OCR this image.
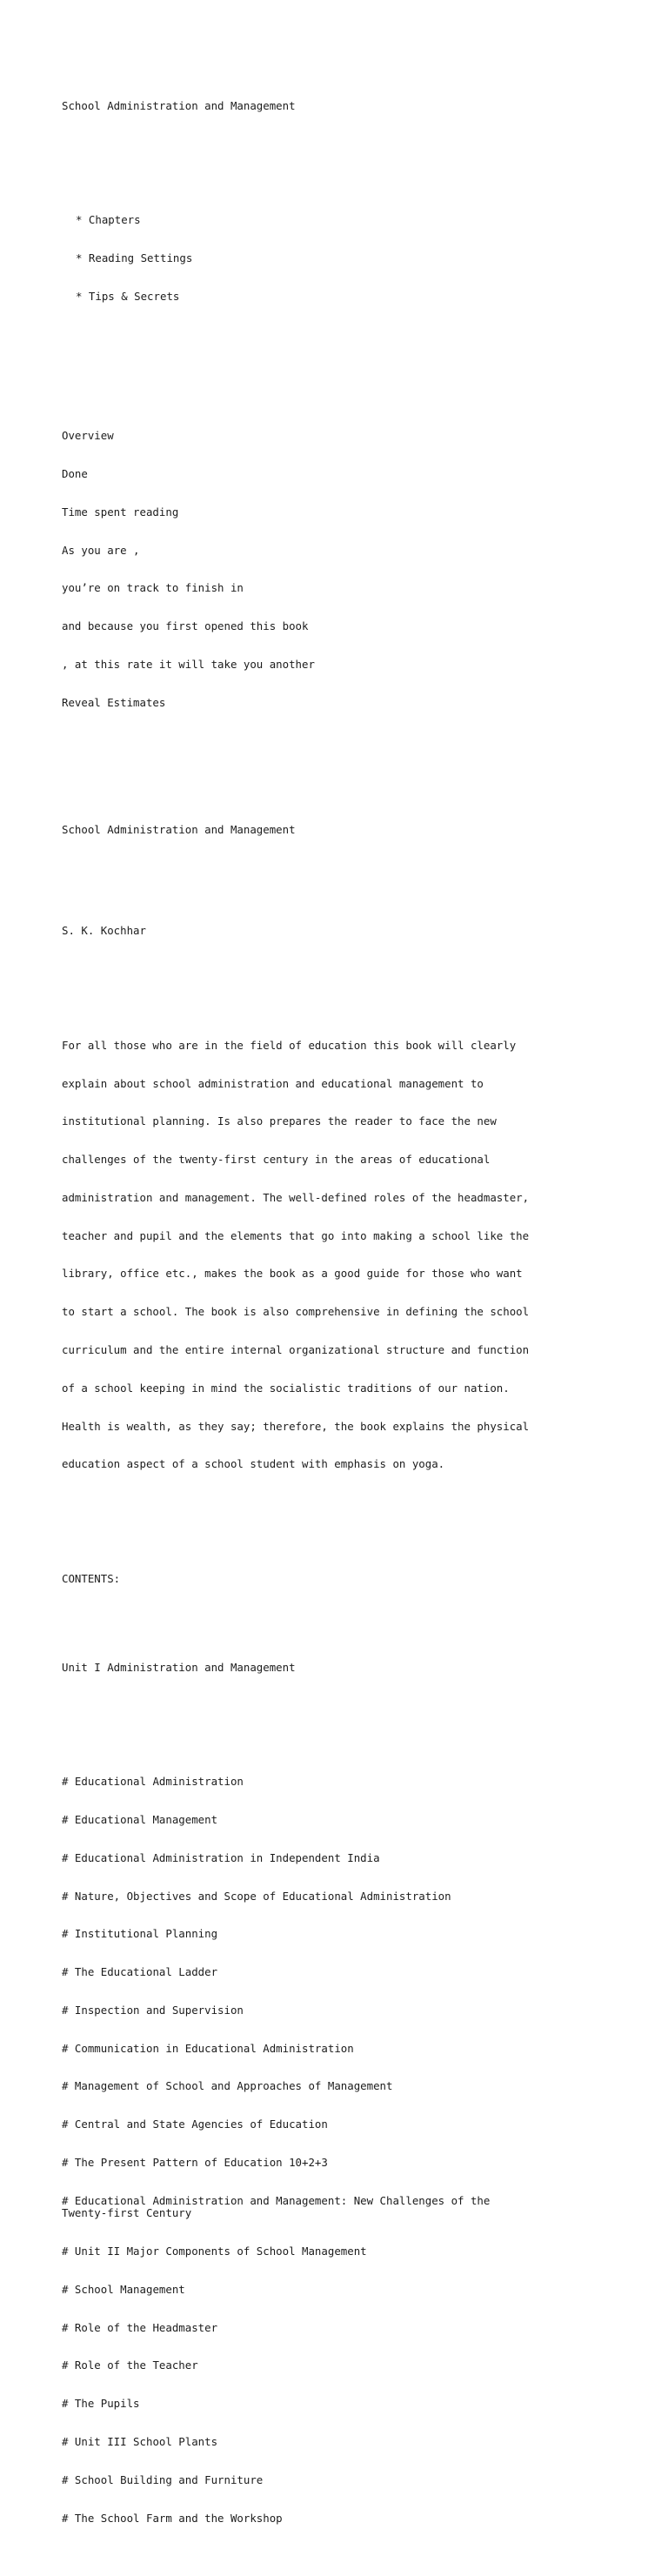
School Administration and Management

* Chapters

* Reading Settings

* Tips & Secrets

Overview

Done

Time spent reading

As you are ,

you’re on track to finish in

and because you first opened this book

, at this rate it will take you another

Reveal Estimates

School Administration and Management

S. K. Kochhar

For all those who are in the field of education this book will clearly

explain about school administration and educational management to

institutional planning. Is also prepares the reader to face the new

challenges of the twenty-first century in the areas of educational

administration and management. The well-defined roles of the headmaster,

teacher and pupil and the elements that go into making a school like the

library, office etc., makes the book as a good guide for those who want

to start a school. The book is also comprehensive in defining the school

curriculum and the entire internal organizational structure and function

of a school keeping in mind the socialistic traditions of our nation.

Health is wealth, as they say; therefore, the book explains the physical

education aspect of a school student with emphasis on yoga.

CONTENTS:

Unit I Administration and Management

# Educational Administration

# Educational Management

# Educational Administration in Independent India

# Nature, Objectives and Scope of Educational Administration

# Institutional Planning

# The Educational Ladder

# Inspection and Supervision

# Communication in Educational Administration

# Management of School and Approaches of Management

# Central and State Agencies of Education

# The Present Pattern of Education 10+2+3

# Educational Administration and Management: New Challenges of the
Twenty-first Century

# Unit II Major Components of School Management

# School Management

# Role of the Headmaster

# Role of the Teacher

# The Pupils

# Unit III School Plants

# School Building and Furniture

# The School Farm and the Workshop
